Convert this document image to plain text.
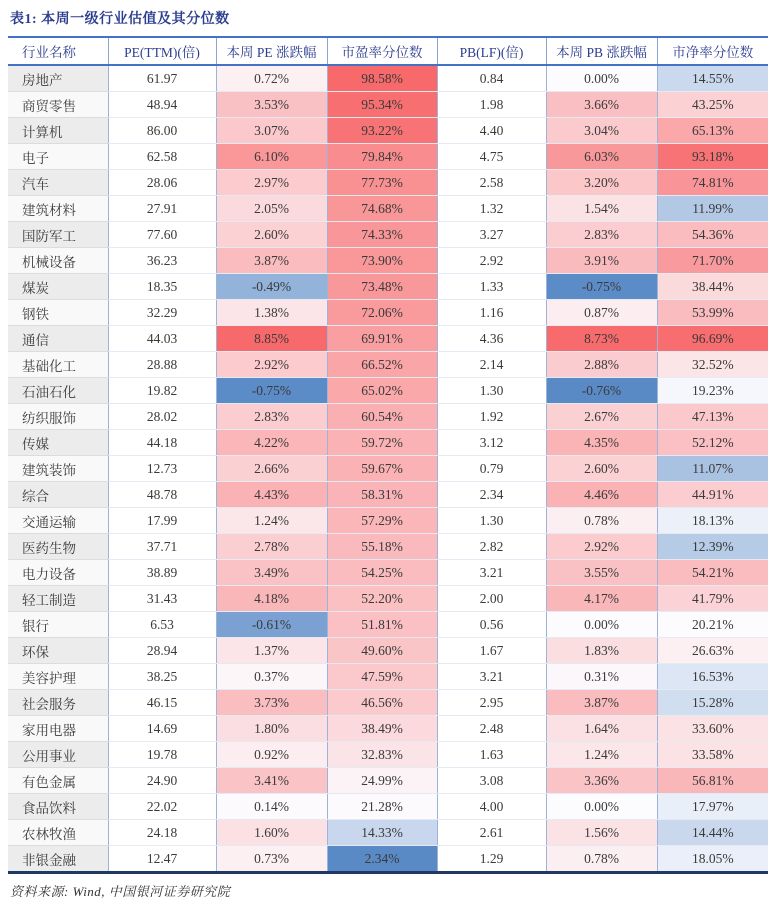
表1: 本周一级行业估值及其分位数
行业名称	PE(TTM)(倍)	本周 PE 涨跌幅	市盈率分位数	PB(LF)(倍)	本周 PB 涨跌幅	市净率分位数
房地产	61.97	0.72%	98.58%	0.84	0.00%	14.55%
商贸零售	48.94	3.53%	95.34%	1.98	3.66%	43.25%
计算机	86.00	3.07%	93.22%	4.40	3.04%	65.13%
电子	62.58	6.10%	79.84%	4.75	6.03%	93.18%
汽车	28.06	2.97%	77.73%	2.58	3.20%	74.81%
建筑材料	27.91	2.05%	74.68%	1.32	1.54%	11.99%
国防军工	77.60	2.60%	74.33%	3.27	2.83%	54.36%
机械设备	36.23	3.87%	73.90%	2.92	3.91%	71.70%
煤炭	18.35	-0.49%	73.48%	1.33	-0.75%	38.44%
钢铁	32.29	1.38%	72.06%	1.16	0.87%	53.99%
通信	44.03	8.85%	69.91%	4.36	8.73%	96.69%
基础化工	28.88	2.92%	66.52%	2.14	2.88%	32.52%
石油石化	19.82	-0.75%	65.02%	1.30	-0.76%	19.23%
纺织服饰	28.02	2.83%	60.54%	1.92	2.67%	47.13%
传媒	44.18	4.22%	59.72%	3.12	4.35%	52.12%
建筑装饰	12.73	2.66%	59.67%	0.79	2.60%	11.07%
综合	48.78	4.43%	58.31%	2.34	4.46%	44.91%
交通运输	17.99	1.24%	57.29%	1.30	0.78%	18.13%
医药生物	37.71	2.78%	55.18%	2.82	2.92%	12.39%
电力设备	38.89	3.49%	54.25%	3.21	3.55%	54.21%
轻工制造	31.43	4.18%	52.20%	2.00	4.17%	41.79%
银行	6.53	-0.61%	51.81%	0.56	0.00%	20.21%
环保	28.94	1.37%	49.60%	1.67	1.83%	26.63%
美容护理	38.25	0.37%	47.59%	3.21	0.31%	16.53%
社会服务	46.15	3.73%	46.56%	2.95	3.87%	15.28%
家用电器	14.69	1.80%	38.49%	2.48	1.64%	33.60%
公用事业	19.78	0.92%	32.83%	1.63	1.24%	33.58%
有色金属	24.90	3.41%	24.99%	3.08	3.36%	56.81%
食品饮料	22.02	0.14%	21.28%	4.00	0.00%	17.97%
农林牧渔	24.18	1.60%	14.33%	2.61	1.56%	14.44%
非银金融	12.47	0.73%	2.34%	1.29	0.78%	18.05%
资料来源: Wind, 中国银河证券研究院
